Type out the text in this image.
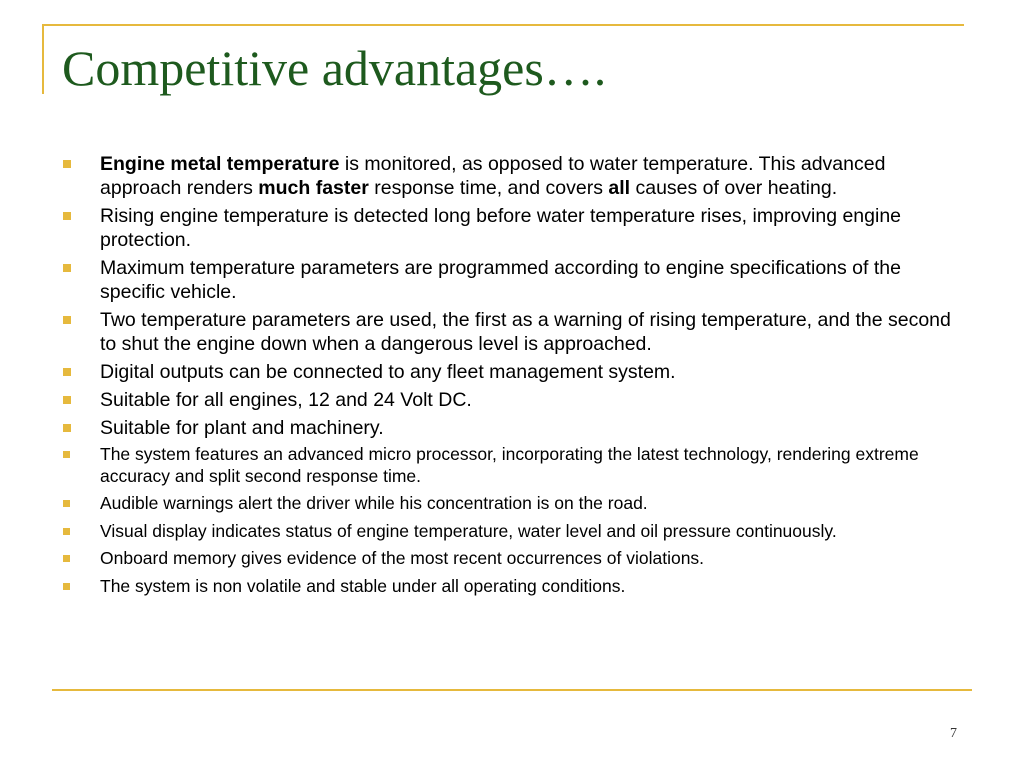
Competitive advantages….
Engine metal temperature is monitored, as opposed to water temperature. This advanced approach renders much faster response time, and covers all causes of over heating.
Rising engine temperature is detected long before water temperature rises, improving engine protection.
Maximum temperature parameters are programmed according to engine specifications of the specific vehicle.
Two temperature parameters are used, the first as a warning of rising temperature, and the second to shut the engine down when a dangerous level is approached.
Digital outputs can be connected to any fleet management system.
Suitable for all engines, 12 and 24 Volt DC.
Suitable for plant and machinery.
The system features an advanced micro processor, incorporating the latest technology, rendering extreme accuracy and split second response time.
Audible warnings alert the driver while his concentration is on the road.
Visual display indicates status of engine temperature, water level and oil pressure continuously.
Onboard memory gives evidence of the most recent occurrences of violations.
The system is non volatile and stable under all operating conditions.
7
